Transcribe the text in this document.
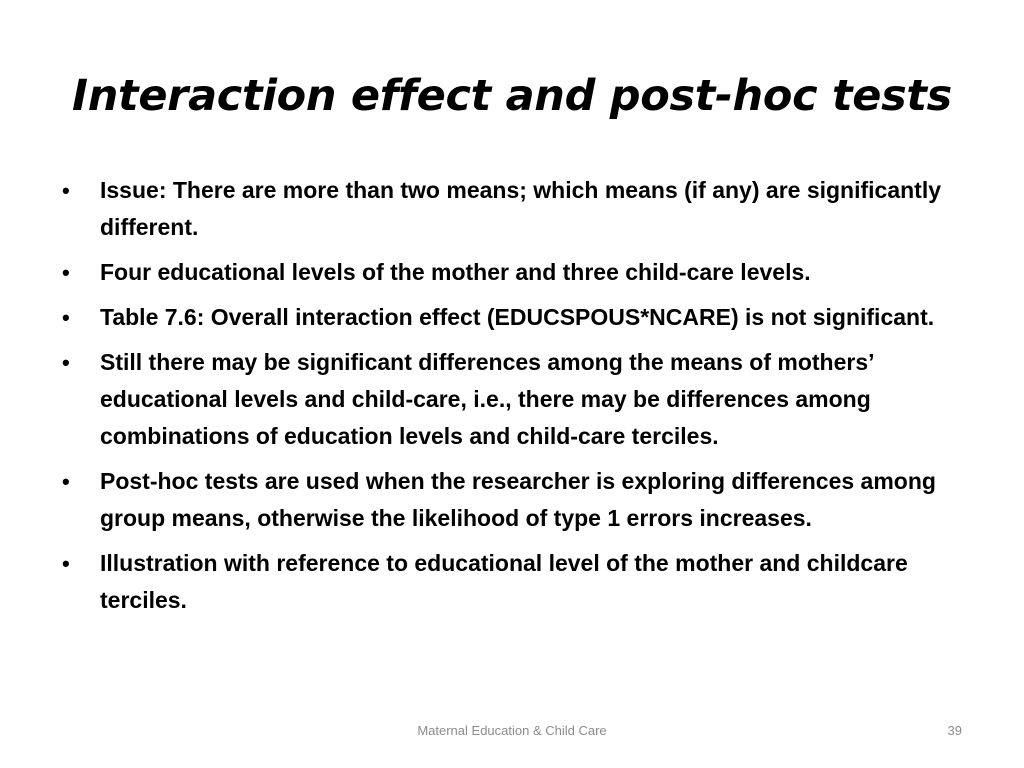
Interaction effect and post-hoc tests
• Issue: There are more than two means; which means (if any) are significantly different.
• Four educational levels of the mother and three child-care levels.
• Table 7.6: Overall interaction effect (EDUCSPOUS*NCARE) is not significant.
• Still there may be significant differences among the means of mothers’ educational levels and child-care, i.e., there may be differences among combinations of education levels and child-care terciles.
• Post-hoc tests are used when the researcher is exploring differences among group means, otherwise the likelihood of type 1 errors increases.
• Illustration with reference to educational level of the mother and childcare terciles.
Maternal Education & Child Care	39
